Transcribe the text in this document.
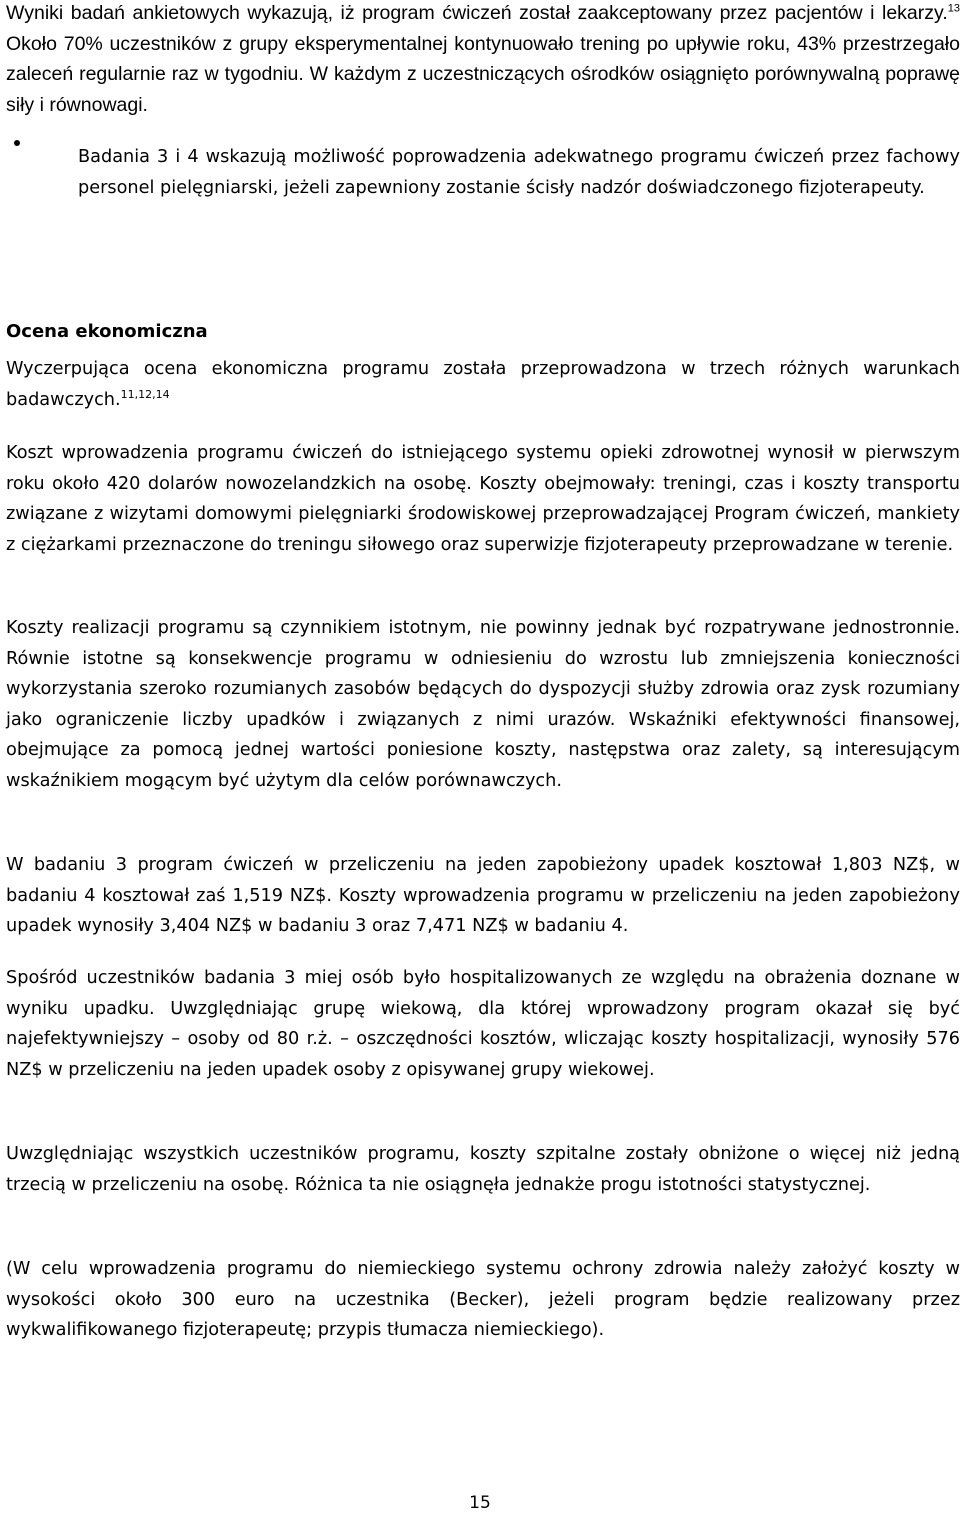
Wyniki badań ankietowych wykazują, iż program ćwiczeń został zaakceptowany przez pacjentów i lekarzy.$^{13}$ Około 70% uczestników z grupy eksperymentalnej kontynuowało trening po upływie roku, 43% przestrzegało zaleceń regularnie raz w tygodniu. W każdym z uczestniczących ośrodków osiągnięto porównywalną poprawę siły i równowagi.

Badania 3 i 4 wskazują możliwość poprowadzenia adekwatnego programu ćwiczeń przez fachowy personel pielęgniarski, jeżeli zapewniony zostanie ścisły nadzór doświadczonego fizjoterapeuty.

Ocena ekonomiczna

Wyczerpująca ocena ekonomiczna programu została przeprowadzona w trzech różnych warunkach badawczych.$^{11,12,14}$

Koszt wprowadzenia programu ćwiczeń do istniejącego systemu opieki zdrowotnej wynosił w pierwszym roku około 420 dolarów nowozelandzkich na osobę. Koszty obejmowały: treningi, czas i koszty transportu związane z wizytami domowymi pielęgniarki środowiskowej przeprowadzającej Program ćwiczeń, mankiety z ciężarkami przeznaczone do treningu siłowego oraz superwizje fizjoterapeuty przeprowadzane w terenie.

Koszty realizacji programu są czynnikiem istotnym, nie powinny jednak być rozpatrywane jednostronnie. Równie istotne są konsekwencje programu w odniesieniu do wzrostu lub zmniejszenia konieczności wykorzystania szeroko rozumianych zasobów będących do dyspozycji służby zdrowia oraz zysk rozumiany jako ograniczenie liczby upadków i związanych z nimi urazów. Wskaźniki efektywności finansowej, obejmujące za pomocą jednej wartości poniesione koszty, następstwa oraz zalety, są interesującym wskaźnikiem mogącym być użytym dla celów porównawczych.

W badaniu 3 program ćwiczeń w przeliczeniu na jeden zapobieżony upadek kosztował 1,803 NZ$, w badaniu 4 kosztował zaś 1,519 NZ$. Koszty wprowadzenia programu w przeliczeniu na jeden zapobieżony upadek wynosiły 3,404 NZ$ w badaniu 3 oraz 7,471 NZ$ w badaniu 4.

Spośród uczestników badania 3 miej osób było hospitalizowanych ze względu na obrażenia doznane w wyniku upadku. Uwzględniając grupę wiekową, dla której wprowadzony program okazał się być najefektywniejszy – osoby od 80 r.ż. – oszczędności kosztów, wliczając koszty hospitalizacji, wynosiły 576 NZ$ w przeliczeniu na jeden upadek osoby z opisywanej grupy wiekowej.

Uwzględniając wszystkich uczestników programu, koszty szpitalne zostały obniżone o więcej niż jedną trzecią w przeliczeniu na osobę. Różnica ta nie osiągnęła jednakże progu istotności statystycznej.

(W celu wprowadzenia programu do niemieckiego systemu ochrony zdrowia należy założyć koszty w wysokości około 300 euro na uczestnika (Becker), jeżeli program będzie realizowany przez wykwalifikowanego fizjoterapeutę; przypis tłumacza niemieckiego).

15
